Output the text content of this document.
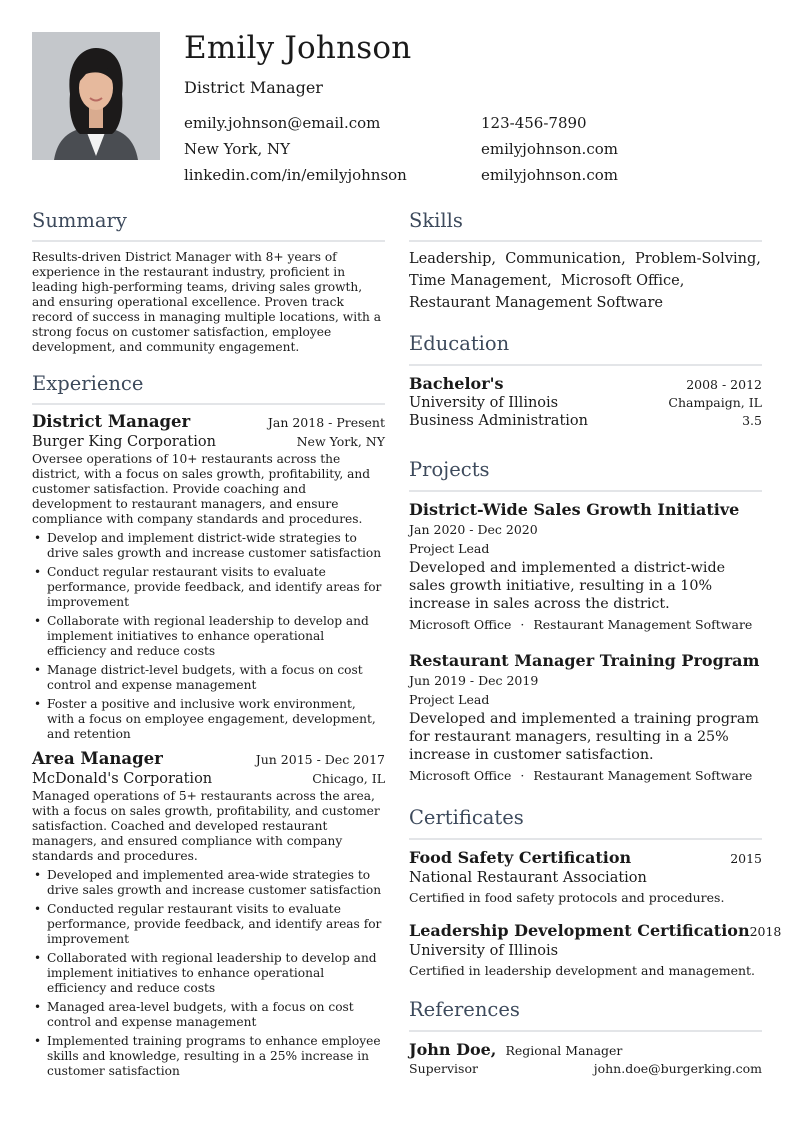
Emily Johnson
District Manager
emily.johnson@email.com	123-456-7890
New York, NY	emilyjohnson.com
linkedin.com/in/emilyjohnson	emilyjohnson.com
Summary
Results-driven District Manager with 8+ years of experience in the restaurant industry, proficient in leading high-performing teams, driving sales growth, and ensuring operational excellence. Proven track record of success in managing multiple locations, with a strong focus on customer satisfaction, employee development, and community engagement.
Experience
District Manager	Jan 2018 - Present
Burger King Corporation	New York, NY
Oversee operations of 10+ restaurants across the district, with a focus on sales growth, profitability, and customer satisfaction. Provide coaching and development to restaurant managers, and ensure compliance with company standards and procedures.
• Develop and implement district-wide strategies to drive sales growth and increase customer satisfaction
• Conduct regular restaurant visits to evaluate performance, provide feedback, and identify areas for improvement
• Collaborate with regional leadership to develop and implement initiatives to enhance operational efficiency and reduce costs
• Manage district-level budgets, with a focus on cost control and expense management
• Foster a positive and inclusive work environment, with a focus on employee engagement, development, and retention
Area Manager	Jun 2015 - Dec 2017
McDonald's Corporation	Chicago, IL
Managed operations of 5+ restaurants across the area, with a focus on sales growth, profitability, and customer satisfaction. Coached and developed restaurant managers, and ensured compliance with company standards and procedures.
• Developed and implemented area-wide strategies to drive sales growth and increase customer satisfaction
• Conducted regular restaurant visits to evaluate performance, provide feedback, and identify areas for improvement
• Collaborated with regional leadership to develop and implement initiatives to enhance operational efficiency and reduce costs
• Managed area-level budgets, with a focus on cost control and expense management
• Implemented training programs to enhance employee skills and knowledge, resulting in a 25% increase in customer satisfaction
Skills
Leadership,  Communication,  Problem-Solving,
Time Management,  Microsoft Office,
Restaurant Management Software
Education
Bachelor's	2008 - 2012
University of Illinois	Champaign, IL
Business Administration	3.5
Projects
District-Wide Sales Growth Initiative
Jan 2020 - Dec 2020
Project Lead
Developed and implemented a district-wide sales growth initiative, resulting in a 10% increase in sales across the district.
Microsoft Office · Restaurant Management Software
Restaurant Manager Training Program
Jun 2019 - Dec 2019
Project Lead
Developed and implemented a training program for restaurant managers, resulting in a 25% increase in customer satisfaction.
Microsoft Office · Restaurant Management Software
Certificates
Food Safety Certification	2015
National Restaurant Association
Certified in food safety protocols and procedures.
Leadership Development Certification 2018
University of Illinois
Certified in leadership development and management.
References
John Doe, Regional Manager
Supervisor	john.doe@burgerking.com
